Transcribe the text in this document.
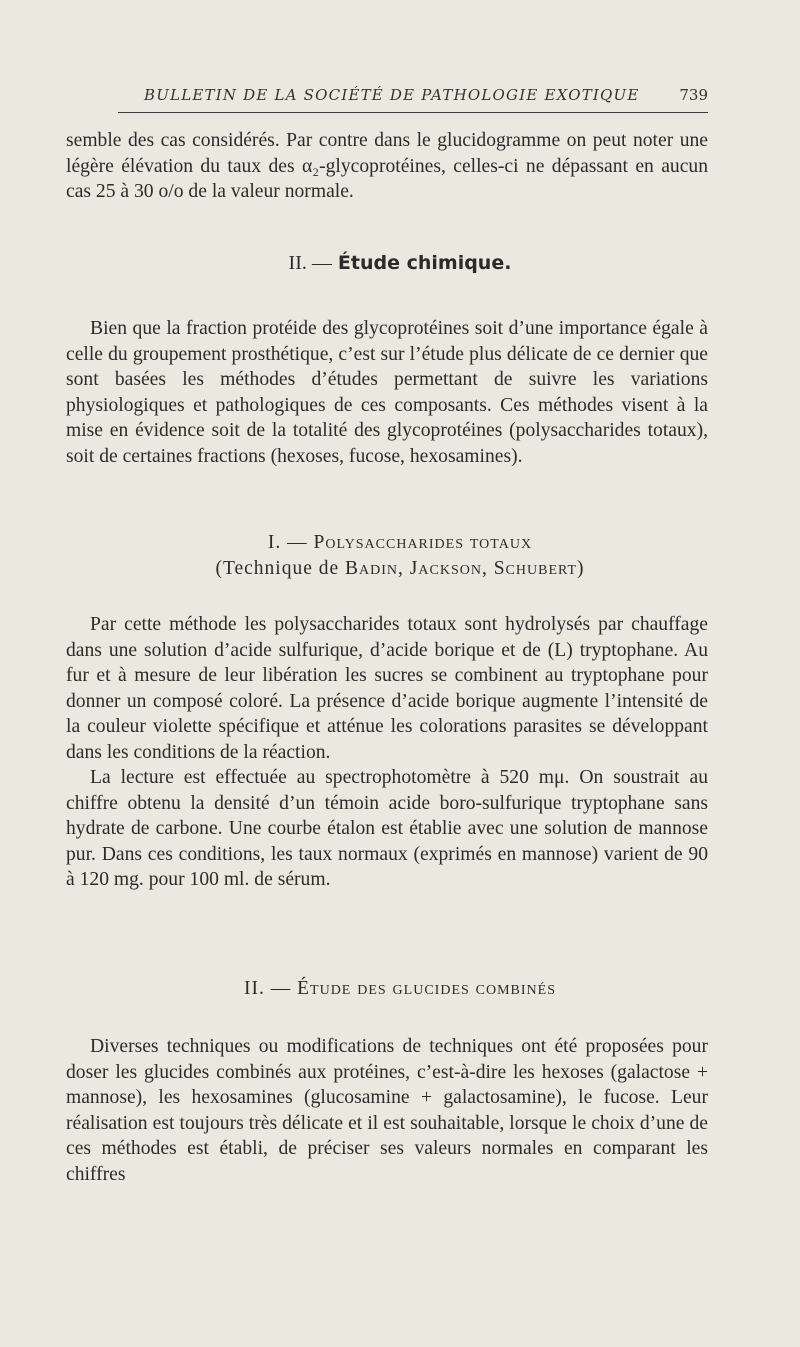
BULLETIN DE LA SOCIÉTÉ DE PATHOLOGIE EXOTIQUE	739

semble des cas considérés. Par contre dans le glucidogramme on peut noter une légère élévation du taux des α₂-glycoprotéines, celles-ci ne dépassant en aucun cas 25 à 30 o/o de la valeur normale.

II. — Étude chimique.

Bien que la fraction protéide des glycoprotéines soit d’une importance égale à celle du groupement prosthétique, c’est sur l’étude plus délicate de ce dernier que sont basées les méthodes d’études permettant de suivre les variations physiologiques et pathologiques de ces composants. Ces méthodes visent à la mise en évidence soit de la totalité des glycoprotéines (polysaccharides totaux), soit de certaines fractions (hexoses, fucose, hexosamines).

I. — Polysaccharides totaux
(Technique de Badin, Jackson, Schubert)

Par cette méthode les polysaccharides totaux sont hydrolysés par chauffage dans une solution d’acide sulfurique, d’acide borique et de (L) tryptophane. Au fur et à mesure de leur libération les sucres se combinent au tryptophane pour donner un composé coloré. La présence d’acide borique augmente l’intensité de la couleur violette spécifique et atténue les colorations parasites se développant dans les conditions de la réaction.

La lecture est effectuée au spectrophotomètre à 520 mμ. On soustrait au chiffre obtenu la densité d’un témoin acide boro-sulfurique tryptophane sans hydrate de carbone. Une courbe étalon est établie avec une solution de mannose pur. Dans ces conditions, les taux normaux (exprimés en mannose) varient de 90 à 120 mg. pour 100 ml. de sérum.

II. — Étude des glucides combinés

Diverses techniques ou modifications de techniques ont été proposées pour doser les glucides combinés aux protéines, c’est-à-dire les hexoses (galactose + mannose), les hexosamines (glucosamine + galactosamine), le fucose. Leur réalisation est toujours très délicate et il est souhaitable, lorsque le choix d’une de ces méthodes est établi, de préciser ses valeurs normales en comparant les chiffres
